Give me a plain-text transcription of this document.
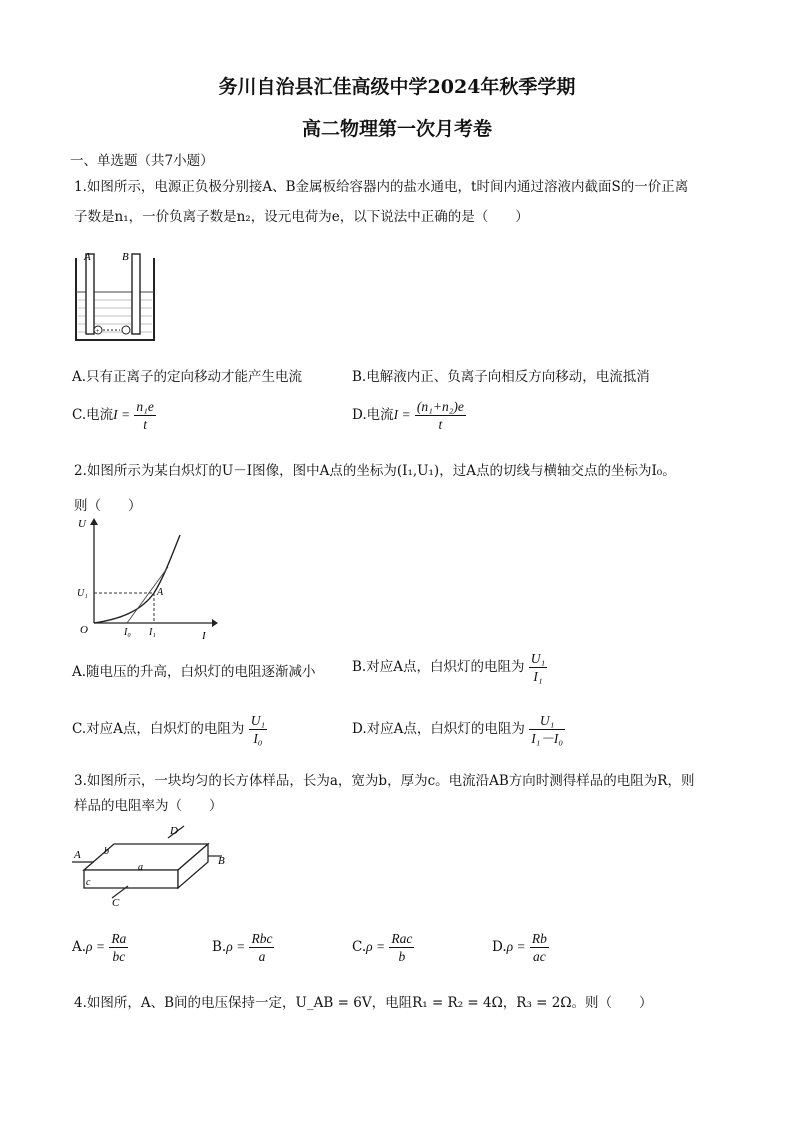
务川自治县汇佳高级中学2024年秋季学期
高二物理第一次月考卷
一、单选题（共7小题）
1.如图所示，电源正负极分别接A、B金属板给容器内的盐水通电，t时间内通过溶液内截面S的一价正离
子数是n₁，一价负离子数是n₂，设元电荷为e，以下说法中正确的是（　　）
+
A	B
A.只有正离子的定向移动才能产生电流	B.电解液内正、负离子向相反方向移动，电流抵消
C.电流$I = \frac{\text{n₁e}}{t}$	D.电流$I = \frac{\text{(n₁+n₂)e}}{t}$
2.如图所示为某白炽灯的U－I图像，图中A点的坐标为(I₁,U₁)，过A点的切线与横轴交点的坐标为I₀。
则（　　）
U
I
O
U₁	A
I₀ I₁
A.随电压的升高，白炽灯的电阻逐渐减小	B.对应A点，白炽灯的电阻为 $\frac{\text{U₁}}{\text{I₁}}$
C.对应A点，白炽灯的电阻为 $\frac{\text{U₁}}{\text{I₀}}$	D.对应A点，白炽灯的电阻为 $\frac{\text{U₁}}{\text{I₁－I₀}}$
3.如图所示，一块均匀的长方体样品，长为a，宽为b，厚为c。电流沿AB方向时测得样品的电阻为R，则
样品的电阻率为（　　）
A	B
C
D
a
b
c
$A.\rho = \frac{Ra}{bc}$	$B.\rho = \frac{\text{Rbc}}{a}$	$C.\rho = \frac{\text{Rac}}{b}$	$D.\rho = \frac{Rb}{ac}$
4.如图所，A、B间的电压保持一定，U_AB = 6V，电阻R₁ = R₂ = 4Ω，R₃ = 2Ω。则（　　）
